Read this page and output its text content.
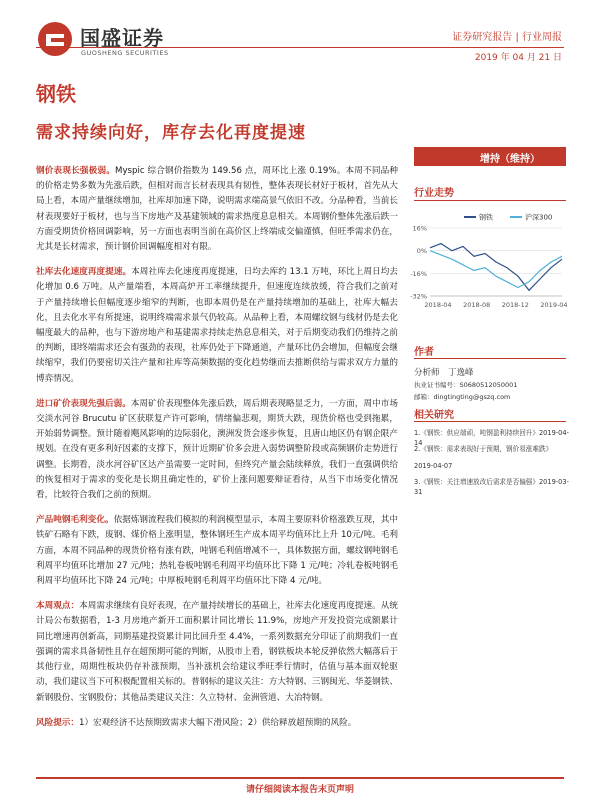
国盛证券
GUOSHENG SECURITIES
证券研究报告 | 行业周报
2019 年 04 月 21 日
钢铁
需求持续向好，库存去化再度提速

钢价表现长强极弱。Myspic 综合钢价指数为 149.56 点，周环比上涨 0.19%。本周不同品种的价格走势多数为先涨后跌，但相对而言长材表现具有韧性，整体表现长材好于板材，首先从大局上看，本周产量继续增加，社库却加速下降，说明需求端高景气依旧不改。分品种看，当前长材表现要好于板材，也与当下房地产及基建领域的需求热度息息相关。本周钢价整体先涨后跌一方面受期货价格回调影响，另一方面也表明当前在高价区上终端成交偏谨慎，但旺季需求仍在，尤其是长材需求，预计钢价回调幅度相对有限。

社库去化速度再度提速。本周社库去化速度再度提速，日均去库约 13.1 万吨，环比上周日均去化增加 0.6 万吨。从产量端看，本周高炉开工率继续提升，但速度连续放缓，符合我们之前对于产量持续增长但幅度逐步缩窄的判断，也即本周仍是在产量持续增加的基础上，社库大幅去化，且去化水平有所提速，说明终端需求景气仍较高。从品种上看，本周螺纹钢与线材仍是去化幅度最大的品种，也与下游房地产和基建需求持续走热息息相关，对于后期变动我们仍维持之前的判断，即终端需求还会有强劲的表现，社库仍处于下降通道，产量环比仍会增加，但幅度会继续缩窄，我们仍要密切关注产量和社库等高频数据的变化趋势继而去推断供给与需求双方力量的博弈情况。

进口矿价表现先强后弱。本周矿价表现整体先涨后跌，周后期表现略显乏力，一方面，周中市场交淡水河谷 Brucutu 矿区获联复产许可影响，情绪偏悲观，期货大跌，现货价格也受到拖累，开始弱势调整。预计随着飓风影响的边际弱化，澳洲发货会逐步恢复，且唐山地区仍有钢企限产规划。在没有更多利好因素的支撑下，预计近期矿价多会进入弱势调整阶段或高频钢价走势进行调整。长期看，淡水河谷矿区达产虽需要一定时间，但终究产量会陆续释放，我们一直强调供给的恢复相对于需求的变化是长期且确定性的，矿价上涨问题要辩证看待，从当下市场变化情况看，比较符合我们之前的预期。

产品吨钢毛利变化。依据炼钢流程我们模拟的利润模型显示，本周主要原料价格涨跌互现，其中铁矿石略有下跌，废钢、煤价格上涨明显，整体钢坯生产成本周平均值环比上升 10元/吨。毛利方面，本周不同品种的现货价格有涨有跌，吨钢毛利值增减不一，具体数据方面，螺纹钢吨钢毛利周平均值环比增加 27 元/吨；热轧卷板吨钢毛利周平均值环比下降 1 元/吨；冷轧卷板吨钢毛利周平均值环比下降 24 元/吨；中厚板吨钢毛利周平均值环比下降 4 元/吨。

本周观点：本周需求继续有良好表现，在产量持续增长的基础上，社库去化速度再度提速。从统计局公布数据看，1-3 月房地产新开工面积累计同比增长 11.9%，房地产开发投资完成额累计同比增速再创新高，同期基建投资累计同比回升至 4.4%，一系列数据充分印证了前期我们一直强调的需求具备韧性且存在超预期可能的判断，从股市上看，钢铁板块本轮反弹依然大幅落后于其他行业，周期性板块仍存补涨预期，当补涨机会给建议季旺季行情时，估值与基本面双轮驱动，我们建议当下可积极配置相关标的。普钢标的建议关注：方大特钢、三钢闽光、华菱钢铁、新钢股份、宝钢股份；其他品类建议关注：久立特材、金洲管道、大冶特钢。

风险提示：1）宏观经济不达预期致需求大幅下滑风险；2）供给释放超预期的风险。

增持（维持）
行业走势
钢铁	沪深300
16%
0%
-16%
-32%
2018-04 2018-08 2018-12 2019-04
作者
分析师　丁逸峰
执业证书编号：S0680512050001
邮箱：dingtingting@gszq.com
相关研究
1.《钢铁：供应端顽，吨钢盈利持续回升》2019-04-14
2.《钢铁：需求表现好于预期，钢价易涨难跌》
2019-04-07
3.《钢铁：关注增速放改后需求是否偏强》2019-03-31
请仔细阅读本报告末页声明
